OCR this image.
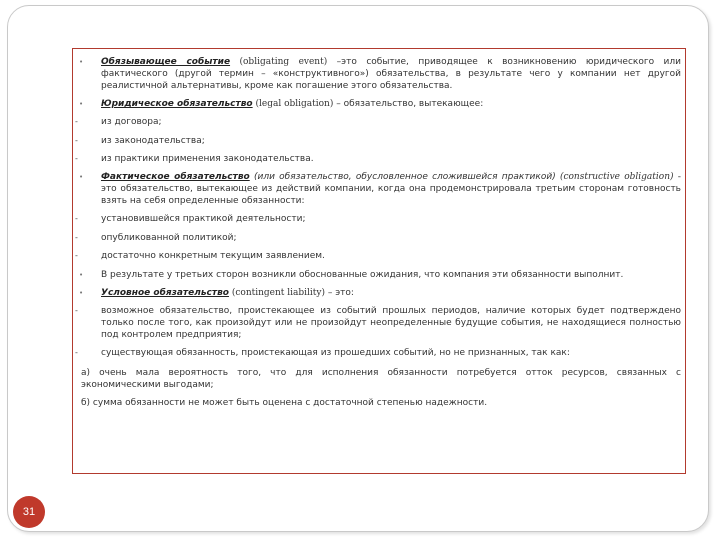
•	Обязывающее событие (obligating event) –это событие, приводящее к возникновению юридического или фактического (другой термин – «конструктивного») обязательства, в результате чего у компании нет другой реалистичной альтернативы, кроме как погашение этого обязательства.
•	Юридическое обязательство (legal obligation) – обязательство, вытекающее:
-	из договора;
-	из законодательства;
-	из практики применения законодательства.
•	Фактическое обязательство (или обязательство, обусловленное сложившейся практикой) (constructive obligation) - это обязательство, вытекающее из действий компании, когда она продемонстрировала третьим сторонам готовность взять на себя определенные обязанности:
-	установившейся практикой деятельности;
-	опубликованной политикой;
-	достаточно конкретным текущим заявлением.
•	В результате у третьих сторон возникли обоснованные ожидания, что компания эти обязанности выполнит.
•	Условное обязательство (contingent liability) – это:
-	возможное обязательство, проистекающее из событий прошлых периодов, наличие которых будет подтверждено только после того, как произойдут или не произойдут неопределенные будущие события, не находящиеся полностью под контролем предприятия;
-	существующая обязанность, проистекающая из прошедших событий, но не признанных, так как:
а) очень мала вероятность того, что для исполнения обязанности потребуется отток ресурсов, связанных с экономическими выгодами;
б) сумма обязанности не может быть оценена с достаточной степенью надежности.
31
